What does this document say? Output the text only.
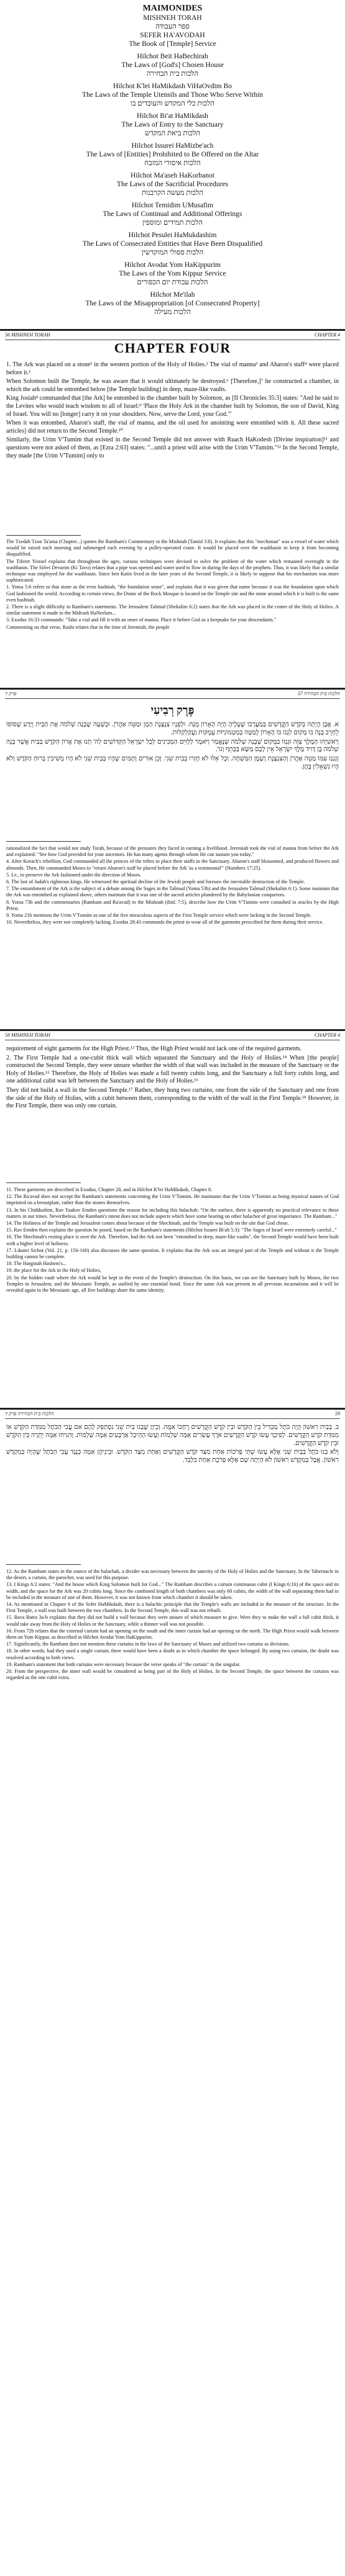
MAIMONIDES
MISHNEH TORAH
ספר העבודה
SEFER HA'AVODAH
The Book of [Temple] Service
Hilchot Beit HaBechirah
The Laws of [God's] Chosen House
הלכות בית הבחירה
Hilchot K'lei HaMikdash ViHaOvdim Bo
The Laws of the Temple Utensils and Those Who Serve Within
הלכות כלי המקדש והעובדים בו
Hilchot Bi'at HaMikdash
The Laws of Entry to the Sanctuary
הלכות ביאת המקדש
Hilchot Issurei HaMizbe'ach
The Laws of [Entities] Prohibited to Be Offered on the Altar
הלכות איסורי המזבח
Hilchot Ma'aseh HaKorbanot
The Laws of the Sacrificial Procedures
הלכות מעשה הקרבנות
Hilchot Temidim UMusafim
The Laws of Continual and Additional Offerings
הלכות תמידים ומוספין
Hilchot Pesulei HaMukdashim
The Laws of Consecrated Entities that Have Been Disqualified
הלכות פסולי המוקדשין
Hilchot Avodat Yom HaKippurim
The Laws of the Yom Kippur Service
הלכות עבודת יום הכפורים
Hilchot Me'ilah
The Laws of the Misappropriation [of Consecrated Property]
הלכות מעילה
56 MISHNEH TORAH	CHAPTER 4
CHAPTER FOUR

1. The Ark was placed on a stone¹ in the western portion of the Holy of Holies.² The vial of manna³ and Aharon's staff⁴ were placed before it.⁵

When Solomon built the Temple, he was aware that it would ultimately be destroyed.⁶ [Therefore,]⁷ he constructed a chamber, in which the ark could be entombed below [the Temple building] in deep, maze-like vaults.

King Josiah⁸ commanded that [the Ark] be entombed in the chamber built by Solomon, as [II Chronicles 35:3] states: "And he said to the Levites who would teach wisdom to all of Israel:⁹ 'Place the Holy Ark in the chamber built by Solomon, the son of David, King of Israel. You will no [longer] carry it on your shoulders. Now, serve the Lord, your God.'"

When it was entombed, Aharon's staff, the vial of manna, and the oil used for anointing were entombed with it. All these sacred articles] did not return to the Second Temple.¹⁰

Similarly, the Urim V'Tumim that existed in the Second Temple did not answer with Ruach HaKodesh [Divine inspiration]¹¹ and questions were not asked of them, as [Ezra 2:63] states: "...until a priest will arise with the Urim V'Tumim."¹² In the Second Temple, they made [the Urim V'Tumim] only to

The Tzedah Tzon Ta'ama (Chapter...) quotes the Rambam's Commentary to the Mishnah (Tamid 3:8). It explains that this "mechonan" was a vessel of water which would be raised each morning and submerged each evening by a pulley-operated crane. It would be placed over the washbasin to keep it from becoming disqualified.

The Tiferet Yisrael explains that throughout the ages, various techniques were devised to solve the problem of the water which remained overnight in the washbasin. The Sifrei Devarim (Ki Tavo) relates that a pipe was opened and water used to flow in during the days of the prophets. Thus, it was likely that a similar technique was employed for the washbasin. Since ben Katin lived in the later years of the Second Temple, it is likely to suppose that his mechanism was more sophisticated.

1. Yoma 5:6 refers to that stone as the even hashtiah, "the foundation stone", and explains that it was given that name because it was the foundation upon which God fashioned the world. According to certain views, the Dome of the Rock Mosque is located on the Temple site and the stone around which it is built is the same even hashtiah.

2. There is a slight difficulty in Rambam's statements. The Jerusalem Talmud (Shekalim 6:2) states that the Ark was placed in the center of the Holy of Holies. A similar statement is made in the Midrash HaNeelam...

3. Exodus 16:33 commands: "Take a vial and fill it with an omer of manna. Place it before God as a keepsake for your descendants."

Commenting on that verse, Rashi relates that in the time of Jeremiah, the people

פרק ד	הלכות בית הבחירה 57
פֶּרֶק רְבִיעִי

א. אֶבֶן הָיְתָה בְּקֹדֶשׁ הַקֳּדָשִׁים בְּמַעֲרָבוֹ שֶׁעָלֶיהָ הָיָה הָאָרוֹן מֻנָּח. וּלְפָנָיו צִנְצֶנֶת הַמָּן וּמַטֵּה אַהֲרֹן. וּבְשָׁעָה שֶׁבָּנָה שְׁלֹמֹה אֶת הַבַּיִת וְיָדַע שֶׁסּוֹפוֹ לֵחָרֵב בָּנָה בּוֹ מָקוֹם לִגְנֹז בּוֹ הָאָרוֹן לְמַטָּה בְּמַטְמוֹנִיּוֹת עֲמֻקּוֹת וַעֲקַלְקַלּוֹת.

וְיֹאשִׁיָּהוּ הַמֶּלֶךְ צִוָּה וּגְנָזוֹ בַּמָּקוֹם שֶׁבָּנָה שְׁלֹמֹה שֶׁנֶּאֱמַר וַיֹּאמֶר לַלְוִיִּם הַמְּבִינִים לְכָל יִשְׂרָאֵל הַקְּדוֹשִׁים לַה' תְּנוּ אֶת אֲרוֹן הַקֹּדֶשׁ בַּבַּיִת אֲשֶׁר בָּנָה שְׁלֹמֹה בֶן דָּוִיד מֶלֶךְ יִשְׂרָאֵל אֵין לָכֶם מַשָּׂא בַּכָּתֵף וְגוֹ'.

וְנִגְנַז עִמּוֹ מַטֵּה אַהֲרֹן וְהַצִּנְצֶנֶת וְשֶׁמֶן הַמִּשְׁחָה. וְכָל אֵלּוּ לֹא חָזְרוּ בְּבַיִת שֵׁנִי. וְכֵן אוּרִים וְתֻמִּים שֶׁהָיוּ בְּבַיִת שֵׁנִי לֹא הָיוּ מְשִׁיבִין בְּרוּחַ הַקֹּדֶשׁ וְלֹא הָיוּ נִשְׁאָלִין בָּהֶן.

rationalized the fact that would not study Torah, because of the pressures they faced in earning a livelihood. Jeremiah took the vial of manna from before the Ark and explained: "See how God provided for your ancestors. He has many agents through whom He can sustain you today."

4. After Korach's rebellion, God commanded all the princes of the tribes to place their staffs in the Sanctuary. Aharon's staff blossomed, and produced flowers and almonds. Then, He commanded Moses to "return Aharon's staff be placed before the Ark 'as a testimonial'" (Numbers 17:25).

5. I.e., to preserve the Ark fashioned under the direction of Moses.

6. The last of Judah's righteous kings. He witnessed the spiritual decline of the Jewish people and foresaw the inevitable destruction of the Temple.

7. The entombment of the Ark is the subject of a debate among the Sages in the Talmud (Yoma 53b) and the Jerusalem Talmud (Shekalim 6:1). Some maintain that the Ark was entombed as explained above, others maintain that it was one of the sacred articles plundered by the Babylonian conquerors.

8. Yoma 73b and the commentaries (Rambam and Ra'avad) to the Mishnah (ibid. 7:5), describe how the Urim V'Tumim were consulted in oracles by the High Priest.

9. Yoma 21b mentions the Urim V'Tumim as one of the five miraculous aspects of the First Temple service which were lacking in the Second Temple.

10. Nevertheless, they were not completely lacking. Exodus 28:43 commands the priest to wear all of the garments prescribed for them during their service.

58 MISHNEH TORAH	CHAPTER 4

requirement of eight garments for the High Priest.¹³ Thus, the High Priest would not lack one of the required garments.

2. The First Temple had a one-cubit thick wall which separated the Sanctuary and the Holy of Holies.¹⁴ When [the people] constructed the Second Temple, they were unsure whether the width of that wall was included in the measure of the Sanctuary or the Holy of Holies.¹⁵ Therefore, the Holy of Holies was made a full twenty cubits long, and the Sanctuary a full forty cubits long, and one additional cubit was left between the Sanctuary and the Holy of Holies.¹⁶

They did not build a wall in the Second Temple.¹⁷ Rather, they hung two curtains, one from the side of the Sanctuary and one from the side of the Holy of Holies, with a cubit between them, corresponding to the width of the wall in the First Temple.¹⁸ However, in the First Temple, there was only one curtain.

11. These garments are described in Exodus, Chapter 28, and in Hilchot K'lei HaMikdash, Chapter 8.

12. The Ra'avad does not accept the Rambam's statements concerning the Urim V'Tumim. He maintains that the Urim V'Tumim as being mystical names of God imprinted on a breastplate, rather than the stones themselves.

13. In his Chiddushim, Rav Yaakov Emden questions the reason for including this halachah: "On the surface, there is apparently no practical relevance to these matters in our times. Nevertheless, the Rambam's intent does not include aspects which have some bearing on other halachot of great importance. The Rambam..."

14. The Holiness of the Temple and Jerusalem comes about because of the Shechinah, and the Temple was built on the site that God chose.

15. Rav Emden then explains the question he posed, based on the Rambam's statements (Hilchot Issurei Bi'ah 5:3): "The Sages of Israel were extremely careful..."

16. The Shechinah's resting place is over the Ark. Therefore, had the Ark not been "entombed in deep, maze-like vaults", the Second Temple would have been built with a higher level of holiness.

17. Likutei Sichot (Vol. 21, p. 156-160) also discusses the same question. It explains that the Ark was an integral part of the Temple and without it the Temple building cannot be complete.

18. The Harginah Hashem's...

19. the place for the Ark in the Holy of Holies,

20. by the hidden vault where the Ark would be kept in the event of the Temple's destruction. On this basis, we can see the Sanctuary built by Moses, the two Temples in Jerusalem, and the Messianic Temple, as unified by one essential bond. Since the same Ark was present in all previous incarnations and it will be revealed again in the Messianic age, all five buildings share the same identity.

הלכות בית הבחירה פרק ד	59

ב. בְּבַיִת רִאשׁוֹן הָיָה כֹּתֶל מַבְדִּיל בֵּין הַקֹּדֶשׁ וּבֵין קֹדֶשׁ הַקֳּדָשִׁים רָחְבּוֹ אַמָּה. וְכֵיוָן שֶׁבָּנוּ בַּיִת שֵׁנִי נִסְתַּפֵּק לָהֶם אִם עֳבִי הַכֹּתֶל מִמִּדַּת הַקֹּדֶשׁ אוֹ מִמִּדַּת קֹדֶשׁ הַקֳּדָשִׁים. לְפִיכָךְ עָשׂוּ קֹדֶשׁ הַקֳּדָשִׁים אֹרֶךְ עֶשְׂרִים אַמָּה שְׁלֵמוֹת וְעָשׂוּ הַהֵיכָל אַרְבָּעִים אַמָּה שְׁלֵמוֹת. וְהִנִּיחוּ אַמָּה יְתֵרָה בֵּין הַקֹּדֶשׁ וּבֵין קֹדֶשׁ הַקֳּדָשִׁים.

וְלֹא בָּנוּ כֹּתֶל בְּבַיִת שֵׁנִי אֶלָּא עָשׂוּ שְׁתֵּי פָּרֹכוֹת אַחַת מִצַּד קֹדֶשׁ הַקֳּדָשִׁים וְאַחַת מִצַּד הַקֹּדֶשׁ. וּבֵינֵיהֶן אַמָּה כְּנֶגֶד עֳבִי הַכֹּתֶל שֶׁהָיָה בְּמִקְדָּשׁ רִאשׁוֹן. אֲבָל בְּמִקְדָּשׁ רִאשׁוֹן לֹא הָיְתָה שָׁם אֶלָּא פָּרֹכֶת אַחַת בִּלְבַד.

12. As the Rambam states in the source of the halachah, a divider was necessary between the sanctity of the Holy of Holies and the Sanctuary. In the Tabernacle in the desert, a curtain, the parochet, was used for this purpose.

13. I Kings 6:2 states: "And the house which King Solomon built for God..." The Rambam describes a curtain continuous cubit (I Kings 6:16) of the space and its width, and the space for the Ark was 20 cubits long. Since the combined length of both chambers was only 60 cubits, the width of the wall separating them had to be included in the measure of one of them. However, it was not known from which chamber it should be taken.

14. As mentioned in Chapter 6 of the Sefer HaMikdash, there is a halachic principle that the Temple's walls are included in the measure of the structure. In the First Temple, a wall was built between the two chambers. In the Second Temple, this wall was not rebuilt.

15. Bava Batra 3a-b explains that they did not build a wall because they were unsure of which measure to give. Were they to make the wall a full cubit thick, it would take away from the Holy of Holies or the Sanctuary, while a thinner wall was not possible.

16. From 72b relates that the external curtain had an opening on the south and the inner curtain had an opening on the north. The High Priest would walk between them on Yom Kippur, as described in Hilchot Avodat Yom HaKippurim.

17. Significantly, the Rambam does not mention these curtains in the laws of the Sanctuary of Moses and utilized two curtains as divisions.

18. In other words, had they used a single curtain, there would have been a doubt as to which chamber the space belonged. By using two curtains, the doubt was resolved according to both views.

19. Rambam's statement that both curtains were necessary because the verse speaks of "the curtain" in the singular.

20. From the perspective, the inner wall would be considered as being part of the Holy of Holies. In the Second Temple, the space between the curtains was regarded as the one cubit extra.
